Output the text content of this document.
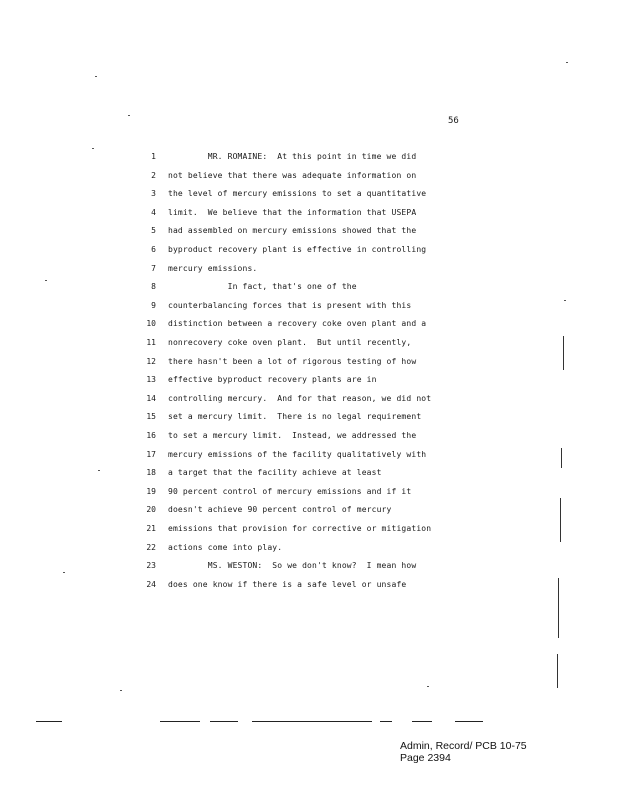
56
1 MR. ROMAINE:  At this point in time we did
2 not believe that there was adequate information on
3 the level of mercury emissions to set a quantitative
4 limit.  We believe that the information that USEPA
5 had assembled on mercury emissions showed that the
6 byproduct recovery plant is effective in controlling
7 mercury emissions.
8 In fact, that's one of the
9 counterbalancing forces that is present with this
10 distinction between a recovery coke oven plant and a
11 nonrecovery coke oven plant.  But until recently,
12 there hasn't been a lot of rigorous testing of how
13 effective byproduct recovery plants are in
14 controlling mercury.  And for that reason, we did not
15 set a mercury limit.  There is no legal requirement
16 to set a mercury limit.  Instead, we addressed the
17 mercury emissions of the facility qualitatively with
18 a target that the facility achieve at least
19 90 percent control of mercury emissions and if it
20 doesn't achieve 90 percent control of mercury
21 emissions that provision for corrective or mitigation
22 actions come into play.
23 MS. WESTON:  So we don't know?  I mean how
24 does one know if there is a safe level or unsafe
Admin, Record/ PCB 10-75
Page 2394
